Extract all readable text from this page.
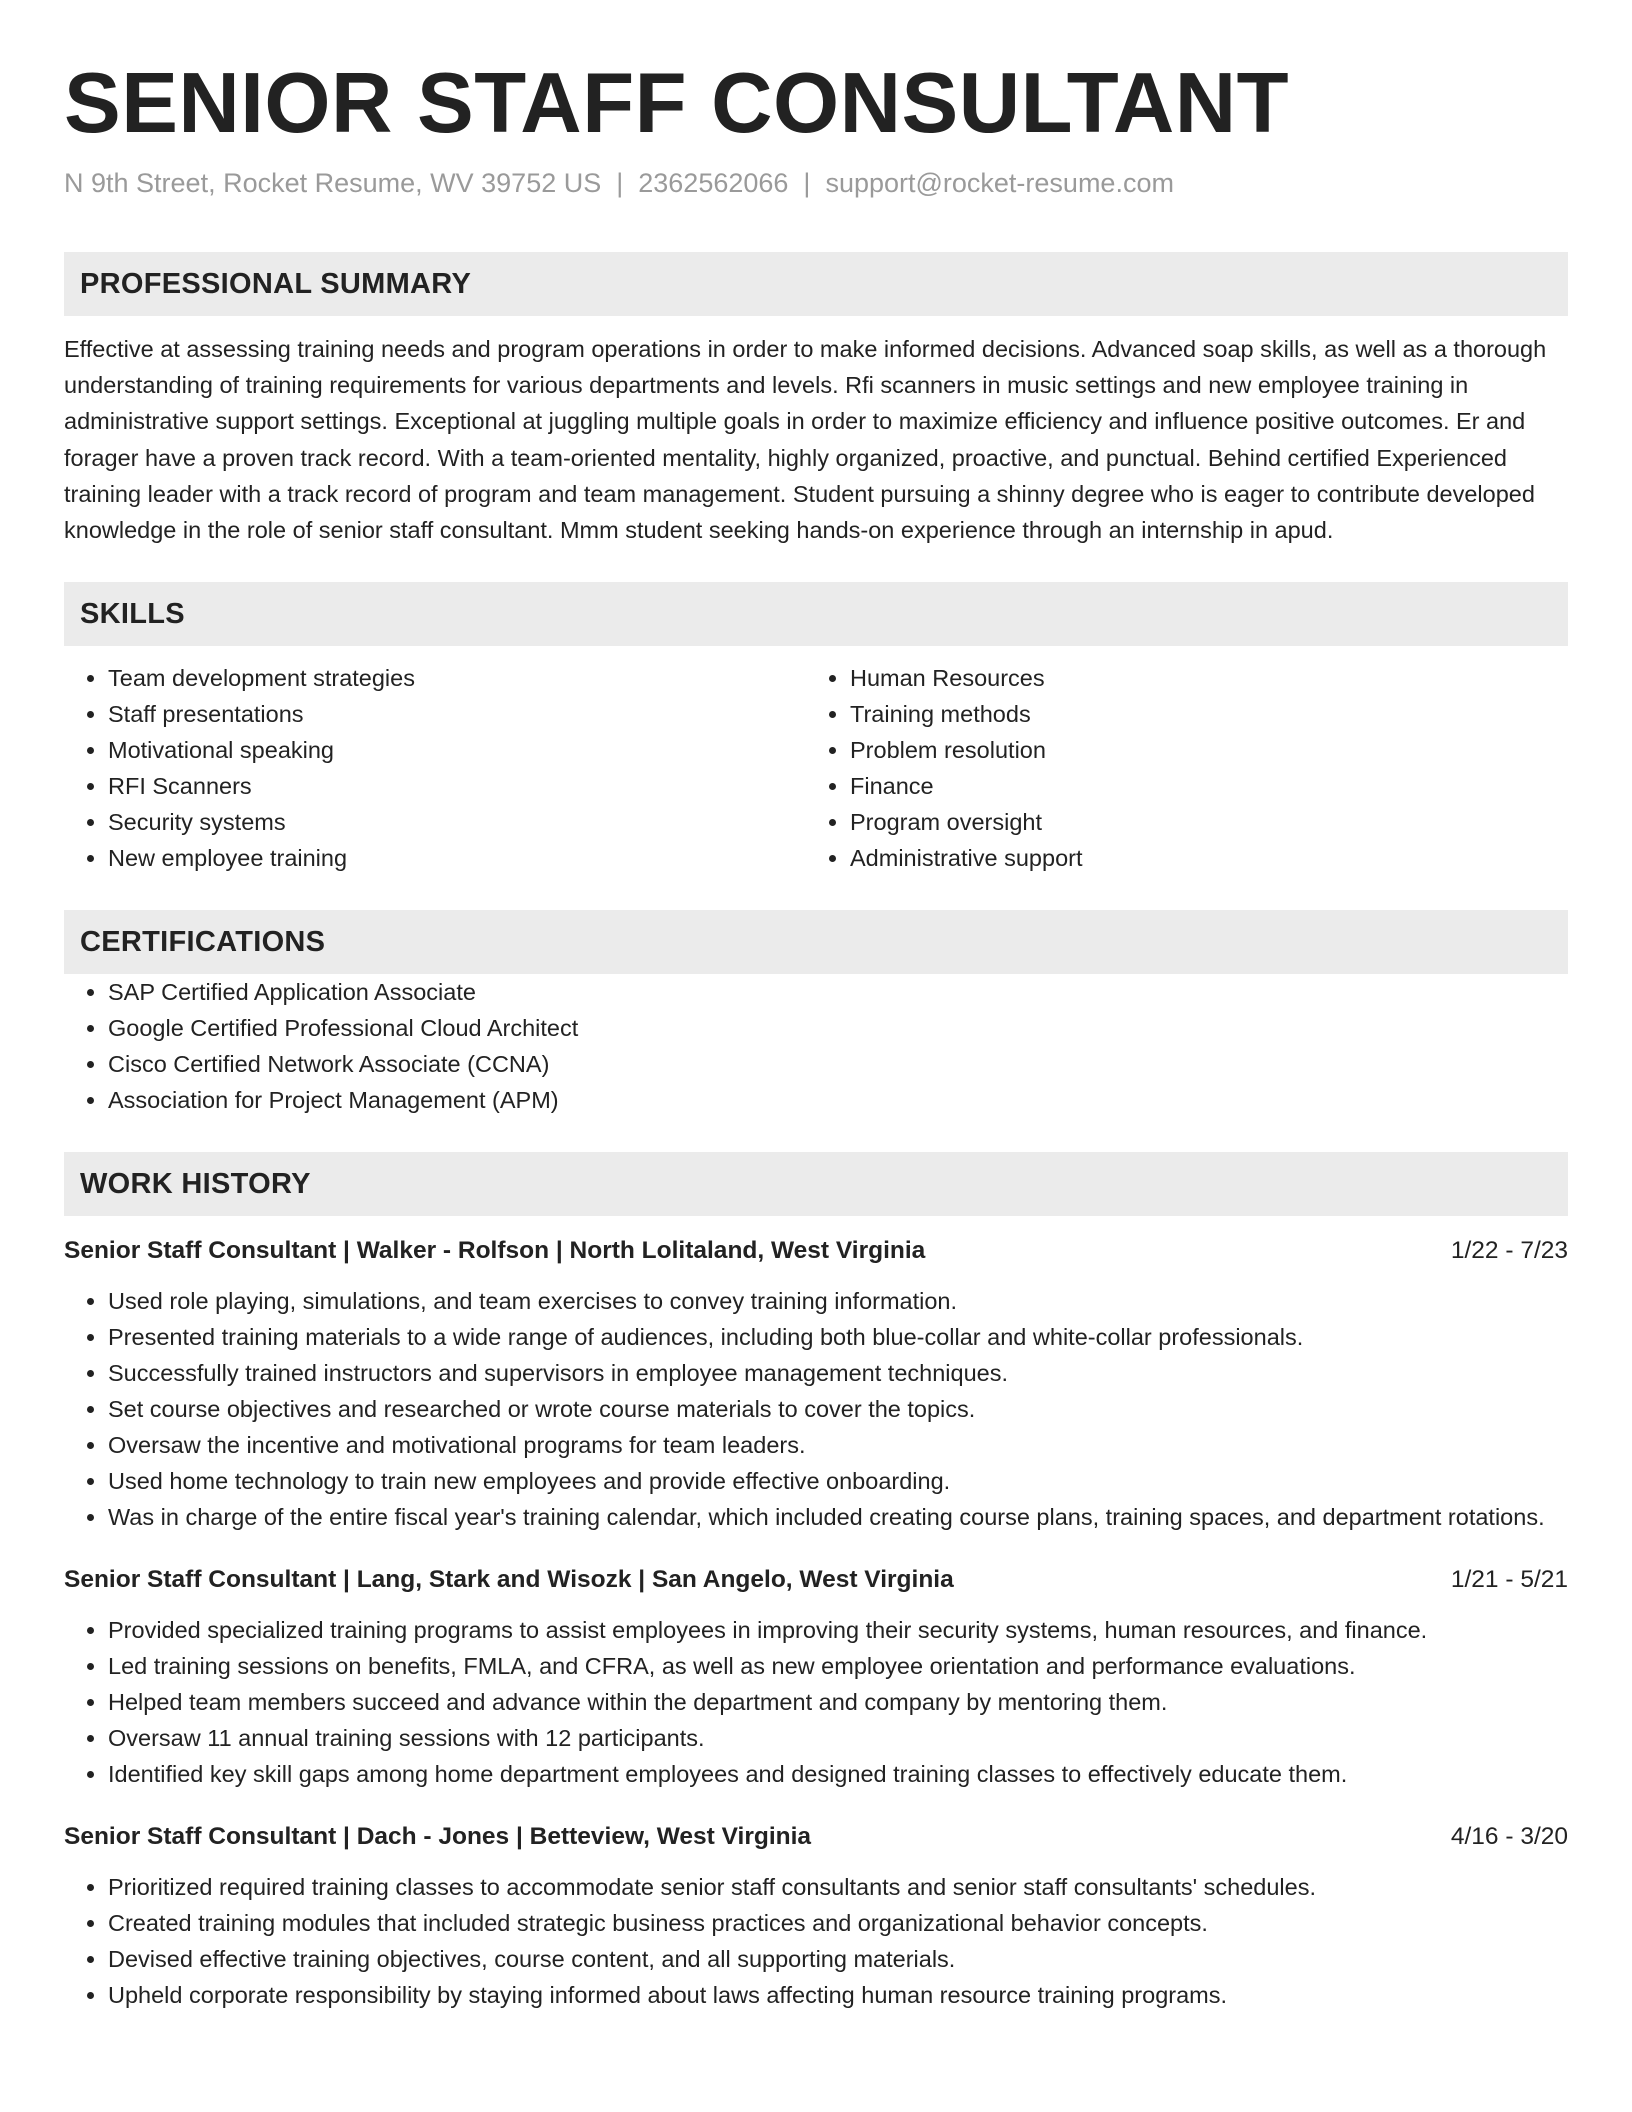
SENIOR STAFF CONSULTANT
N 9th Street, Rocket Resume, WV 39752 US | 2362562066 | support@rocket-resume.com
PROFESSIONAL SUMMARY
Effective at assessing training needs and program operations in order to make informed decisions. Advanced soap skills, as well as a thorough understanding of training requirements for various departments and levels. Rfi scanners in music settings and new employee training in administrative support settings. Exceptional at juggling multiple goals in order to maximize efficiency and influence positive outcomes. Er and forager have a proven track record. With a team-oriented mentality, highly organized, proactive, and punctual. Behind certified Experienced training leader with a track record of program and team management. Student pursuing a shinny degree who is eager to contribute developed knowledge in the role of senior staff consultant. Mmm student seeking hands-on experience through an internship in apud.
SKILLS
• Team development strategies
• Staff presentations
• Motivational speaking
• RFI Scanners
• Security systems
• New employee training
• Human Resources
• Training methods
• Problem resolution
• Finance
• Program oversight
• Administrative support
CERTIFICATIONS
• SAP Certified Application Associate
• Google Certified Professional Cloud Architect
• Cisco Certified Network Associate (CCNA)
• Association for Project Management (APM)
WORK HISTORY
Senior Staff Consultant | Walker - Rolfson | North Lolitaland, West Virginia	1/22 - 7/23
• Used role playing, simulations, and team exercises to convey training information.
• Presented training materials to a wide range of audiences, including both blue-collar and white-collar professionals.
• Successfully trained instructors and supervisors in employee management techniques.
• Set course objectives and researched or wrote course materials to cover the topics.
• Oversaw the incentive and motivational programs for team leaders.
• Used home technology to train new employees and provide effective onboarding.
• Was in charge of the entire fiscal year's training calendar, which included creating course plans, training spaces, and department rotations.
Senior Staff Consultant | Lang, Stark and Wisozk | San Angelo, West Virginia	1/21 - 5/21
• Provided specialized training programs to assist employees in improving their security systems, human resources, and finance.
• Led training sessions on benefits, FMLA, and CFRA, as well as new employee orientation and performance evaluations.
• Helped team members succeed and advance within the department and company by mentoring them.
• Oversaw 11 annual training sessions with 12 participants.
• Identified key skill gaps among home department employees and designed training classes to effectively educate them.
Senior Staff Consultant | Dach - Jones | Betteview, West Virginia	4/16 - 3/20
• Prioritized required training classes to accommodate senior staff consultants and senior staff consultants' schedules.
• Created training modules that included strategic business practices and organizational behavior concepts.
• Devised effective training objectives, course content, and all supporting materials.
• Upheld corporate responsibility by staying informed about laws affecting human resource training programs.
